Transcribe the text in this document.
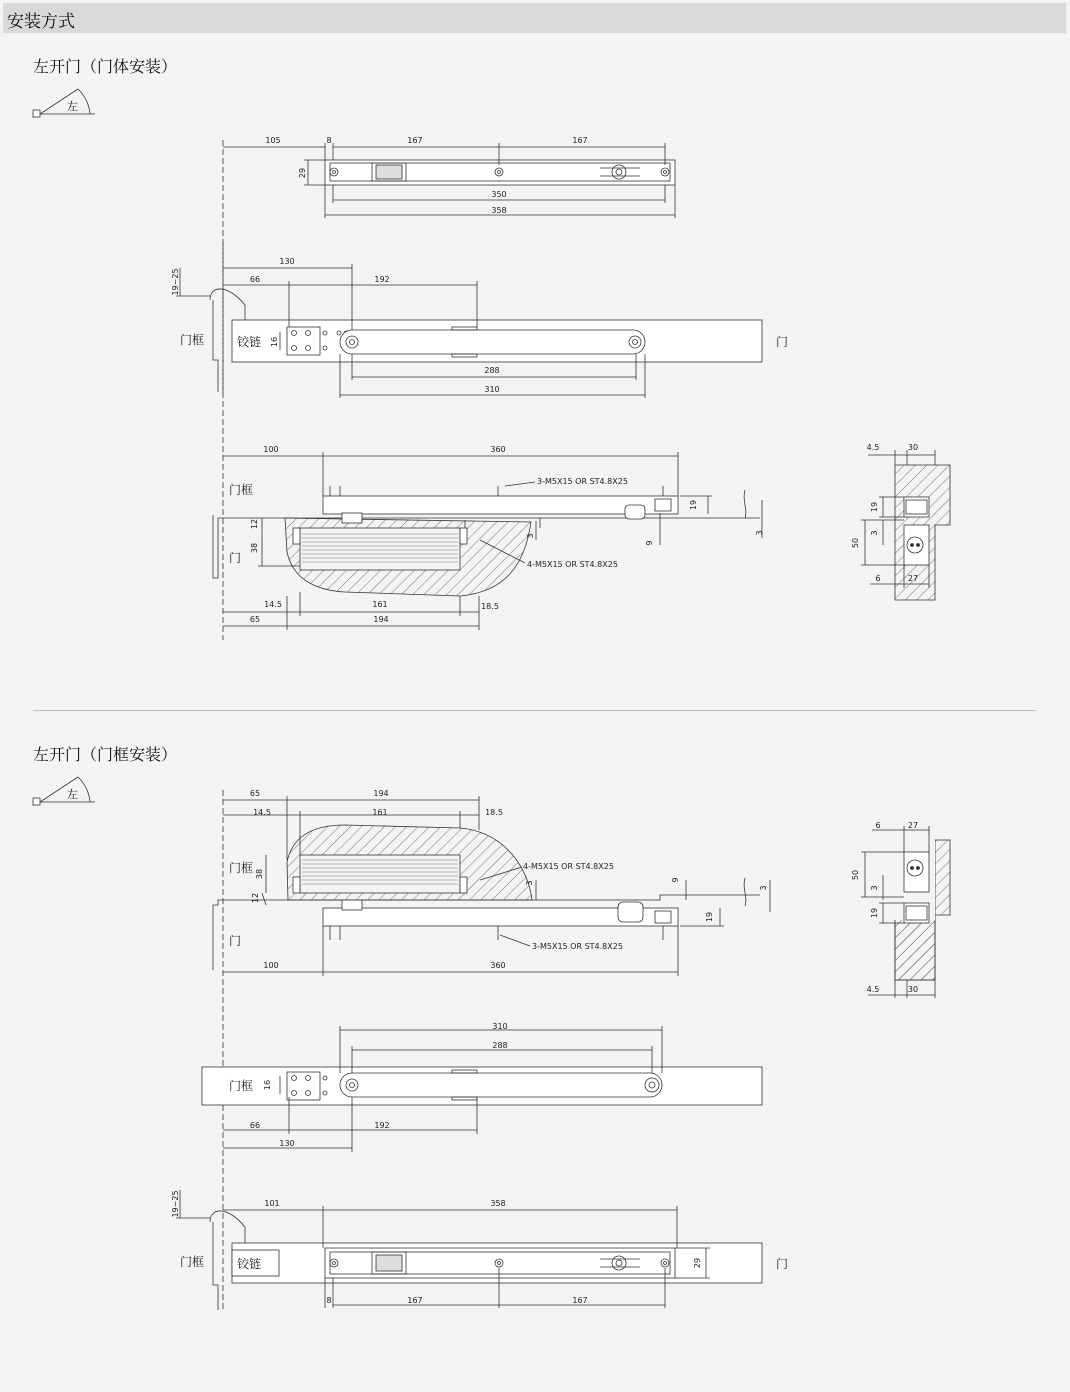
安装方式
左开门（门体安装）
左开门（门框安装）
左
105	8	167	167
29
350
358
19~25
130
66	192
16
288
310
门框	铰链	门
100	360
3-M5X15 OR ST4.8X25
4-M5X15 OR ST4.8X25
门框
门
12
38
3
9
19
3
14.5	161	18.5
65	194
4.5	30
19
3
50
6	27
左	65	194
14.5	161	18.5
4-M5X15 OR ST4.8X25
3-M5X15 OR ST4.8X25
门框
门
38
12
3
9
19
3
100	360
6	27
50
3
19
4.5	30
310
288
门框 16
66	192
130
19~25	101	358
门框	铰链	门
29
8	167	167
